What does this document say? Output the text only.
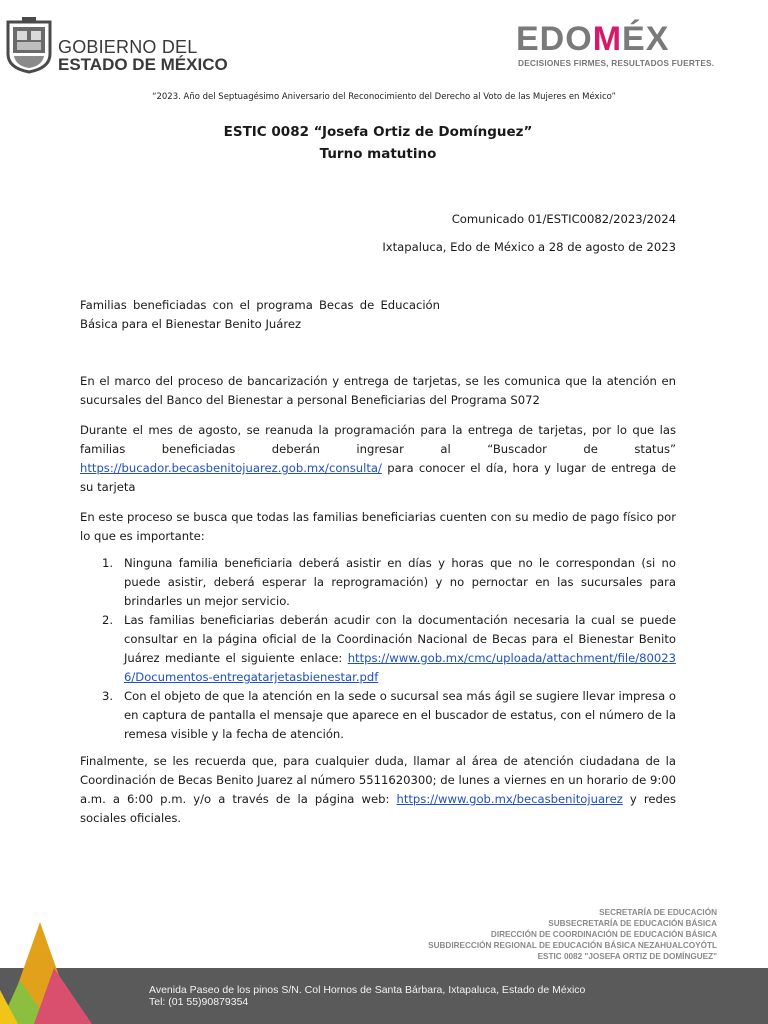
GOBIERNO DEL
ESTADO DE MÉXICO
EDOMÉX
DECISIONES FIRMES, RESULTADOS FUERTES.
“2023. Año del Septuagésimo Aniversario del Reconocimiento del Derecho al Voto de las Mujeres en México”
ESTIC 0082 “Josefa Ortiz de Domínguez”
Turno matutino
Comunicado 01/ESTIC0082/2023/2024
Ixtapaluca, Edo de México a 28 de agosto de 2023
Familias beneficiadas con el programa Becas de Educación Básica para el Bienestar Benito Juárez
En el marco del proceso de bancarización y entrega de tarjetas, se les comunica que la atención en sucursales del Banco del Bienestar a personal Beneficiarias del Programa S072
Durante el mes de agosto, se reanuda la programación para la entrega de tarjetas, por lo que las familias beneficiadas deberán ingresar al “Buscador de status” https://bucador.becasbenitojuarez.gob.mx/consulta/ para conocer el día, hora y lugar de entrega de su tarjeta
En este proceso se busca que todas las familias beneficiarias cuenten con su medio de pago físico por lo que es importante:
1. Ninguna familia beneficiaria deberá asistir en días y horas que no le correspondan (si no puede asistir, deberá esperar la reprogramación) y no pernoctar en las sucursales para brindarles un mejor servicio.
2. Las familias beneficiarias deberán acudir con la documentación necesaria la cual se puede consultar en la página oficial de la Coordinación Nacional de Becas para el Bienestar Benito Juárez mediante el siguiente enlace: https://www.gob.mx/cmc/uploada/attachment/file/800236/Documentos-entregatarjetasbienestar.pdf
3. Con el objeto de que la atención en la sede o sucursal sea más ágil se sugiere llevar impresa o en captura de pantalla el mensaje que aparece en el buscador de estatus, con el número de la remesa visible y la fecha de atención.
Finalmente, se les recuerda que, para cualquier duda, llamar al área de atención ciudadana de la Coordinación de Becas Benito Juarez al número 5511620300; de lunes a viernes en un horario de 9:00 a.m. a 6:00 p.m. y/o a través de la página web: https://www.gob.mx/becasbenitojuarez y redes sociales oficiales.
SECRETARÍA DE EDUCACIÓN
SUBSECRETARÍA DE EDUCACIÓN BÁSICA
DIRECCIÓN DE COORDINACIÓN DE EDUCACIÓN BÁSICA
SUBDIRECCIÓN REGIONAL DE EDUCACIÓN BÁSICA NEZAHUALCOYÓTL
ESTIC 0082 "JOSEFA ORTIZ DE DOMÍNGUEZ"
Avenida Paseo de los pinos S/N. Col Hornos de Santa Bárbara, Ixtapaluca, Estado de México
Tel: (01 55)90879354
